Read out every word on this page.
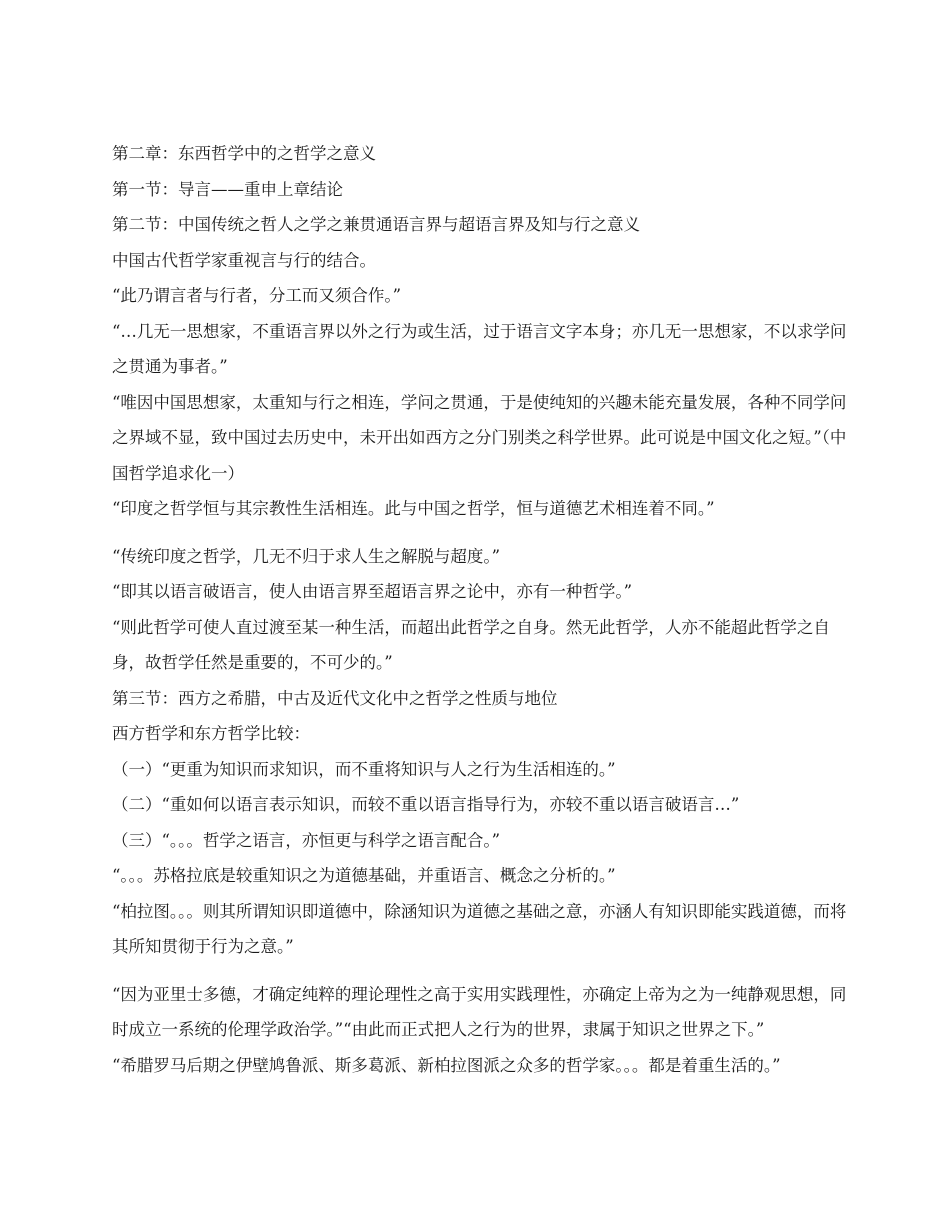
第二章：东西哲学中的之哲学之意义

第一节：导言——重申上章结论

第二节：中国传统之哲人之学之兼贯通语言界与超语言界及知与行之意义

中国古代哲学家重视言与行的结合。

“此乃谓言者与行者，分工而又须合作。”

“…几无一思想家，不重语言界以外之行为或生活，过于语言文字本身；亦几无一思想家，不以求学问之贯通为事者。”

“唯因中国思想家，太重知与行之相连，学问之贯通，于是使纯知的兴趣未能充量发展，各种不同学问之界域不显，致中国过去历史中，未开出如西方之分门别类之科学世界。此可说是中国文化之短。”（中国哲学追求化一）

“印度之哲学恒与其宗教性生活相连。此与中国之哲学，恒与道德艺术相连着不同。”

“传统印度之哲学，几无不归于求人生之解脱与超度。”

“即其以语言破语言，使人由语言界至超语言界之论中，亦有一种哲学。”

“则此哲学可使人直过渡至某一种生活，而超出此哲学之自身。然无此哲学，人亦不能超此哲学之自身，故哲学任然是重要的，不可少的。”

第三节：西方之希腊，中古及近代文化中之哲学之性质与地位

西方哲学和东方哲学比较：

（一）“更重为知识而求知识，而不重将知识与人之行为生活相连的。”

（二）“重如何以语言表示知识，而较不重以语言指导行为，亦较不重以语言破语言…”

（三）“。。。哲学之语言，亦恒更与科学之语言配合。”

“。。。苏格拉底是较重知识之为道德基础，并重语言、概念之分析的。”

“柏拉图。。。则其所谓知识即道德中，除涵知识为道德之基础之意，亦涵人有知识即能实践道德，而将其所知贯彻于行为之意。”

“因为亚里士多德，才确定纯粹的理论理性之高于实用实践理性，亦确定上帝为之为一纯静观思想，同时成立一系统的伦理学政治学。”“由此而正式把人之行为的世界，隶属于知识之世界之下。”

“希腊罗马后期之伊壁鸠鲁派、斯多葛派、新柏拉图派之众多的哲学家。。。都是着重生活的。”
